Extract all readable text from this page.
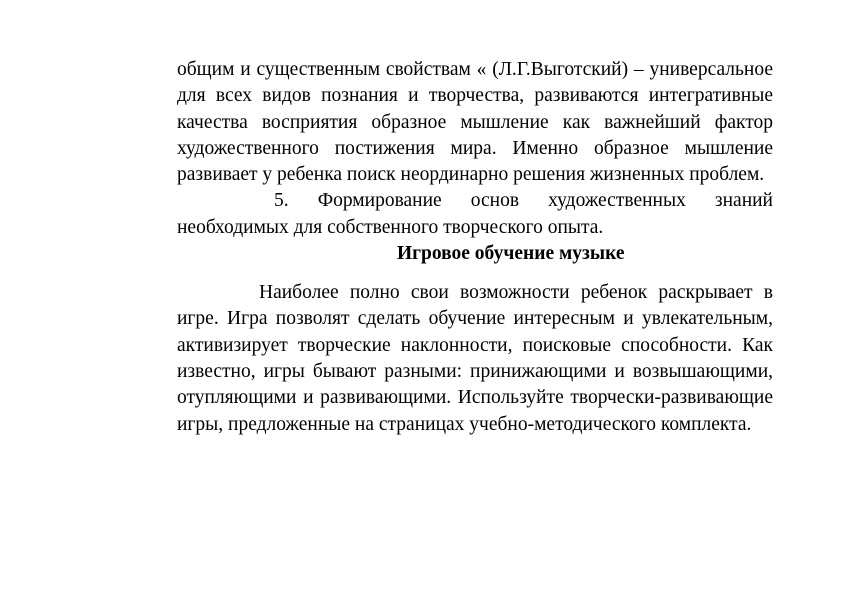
общим и существенным свойствам « (Л.Г.Выготский) – универсальное для всех видов познания и творчества, развиваются интегративные качества восприятия образное мышление как важнейший фактор художественного постижения мира. Именно образное мышление развивает у ребенка поиск неординарно решения жизненных проблем.

5. Формирование основ художественных знаний необходимых для собственного творческого опыта.

Игровое обучение музыке

Наиболее полно свои возможности ребенок раскрывает в игре. Игра позволят сделать обучение интересным и увлекательным, активизирует творческие наклонности, поисковые способности. Как известно, игры бывают разными: принижающими и возвышающими, отупляющими и развивающими. Используйте творчески-развивающие игры, предложенные на страницах учебно-методического комплекта.
